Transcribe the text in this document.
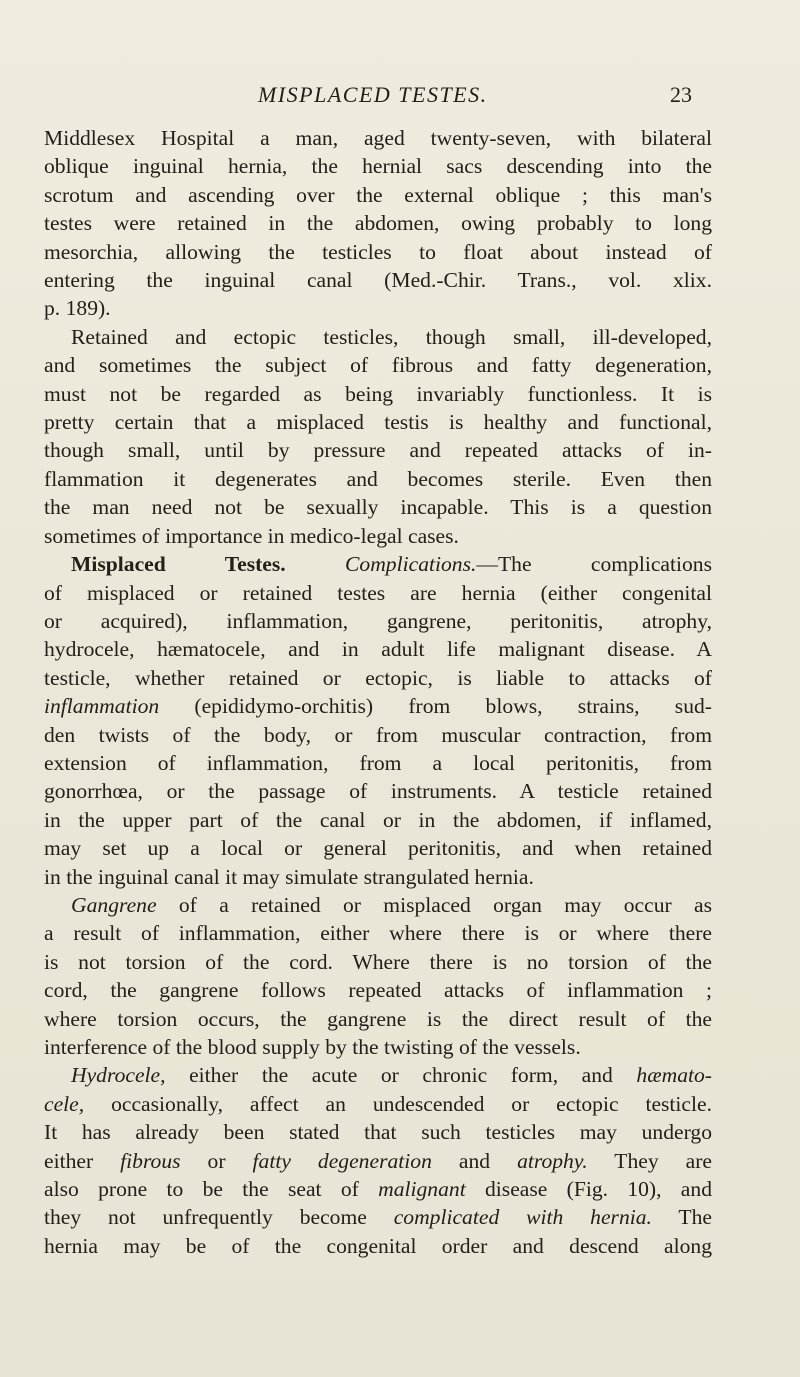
MISPLACED TESTES.	23
Middlesex Hospital a man, aged twenty-seven, with bilateral
oblique inguinal hernia, the hernial sacs descending into the
scrotum and ascending over the external oblique ; this man's
testes were retained in the abdomen, owing probably to long
mesorchia, allowing the testicles to float about instead of
entering the inguinal canal (Med.-Chir. Trans., vol. xlix.
p. 189).
Retained and ectopic testicles, though small, ill-developed,
and sometimes the subject of fibrous and fatty degeneration,
must not be regarded as being invariably functionless. It is
pretty certain that a misplaced testis is healthy and functional,
though small, until by pressure and repeated attacks of in-
flammation it degenerates and becomes sterile. Even then
the man need not be sexually incapable. This is a question
sometimes of importance in medico-legal cases.
Misplaced Testes.	Complications.—The complications
of misplaced or retained testes are hernia (either congenital
or acquired), inflammation, gangrene, peritonitis, atrophy,
hydrocele, hæmatocele, and in adult life malignant disease. A
testicle, whether retained or ectopic, is liable to attacks of
inflammation (epididymo-orchitis) from blows, strains, sud-
den twists of the body, or from muscular contraction, from
extension of inflammation, from a local peritonitis, from
gonorrhœa, or the passage of instruments. A testicle retained
in the upper part of the canal or in the abdomen, if inflamed,
may set up a local or general peritonitis, and when retained
in the inguinal canal it may simulate strangulated hernia.
Gangrene of a retained or misplaced organ may occur as
a result of inflammation, either where there is or where there
is not torsion of the cord. Where there is no torsion of the
cord, the gangrene follows repeated attacks of inflammation ;
where torsion occurs, the gangrene is the direct result of the
interference of the blood supply by the twisting of the vessels.
Hydrocele, either the acute or chronic form, and hæmato-
cele, occasionally, affect an undescended or ectopic testicle.
It has already been stated that such testicles may undergo
either fibrous or fatty degeneration and atrophy. They are
also prone to be the seat of malignant disease (Fig. 10), and
they not unfrequently become complicated with hernia. The
hernia may be of the congenital order and descend along
